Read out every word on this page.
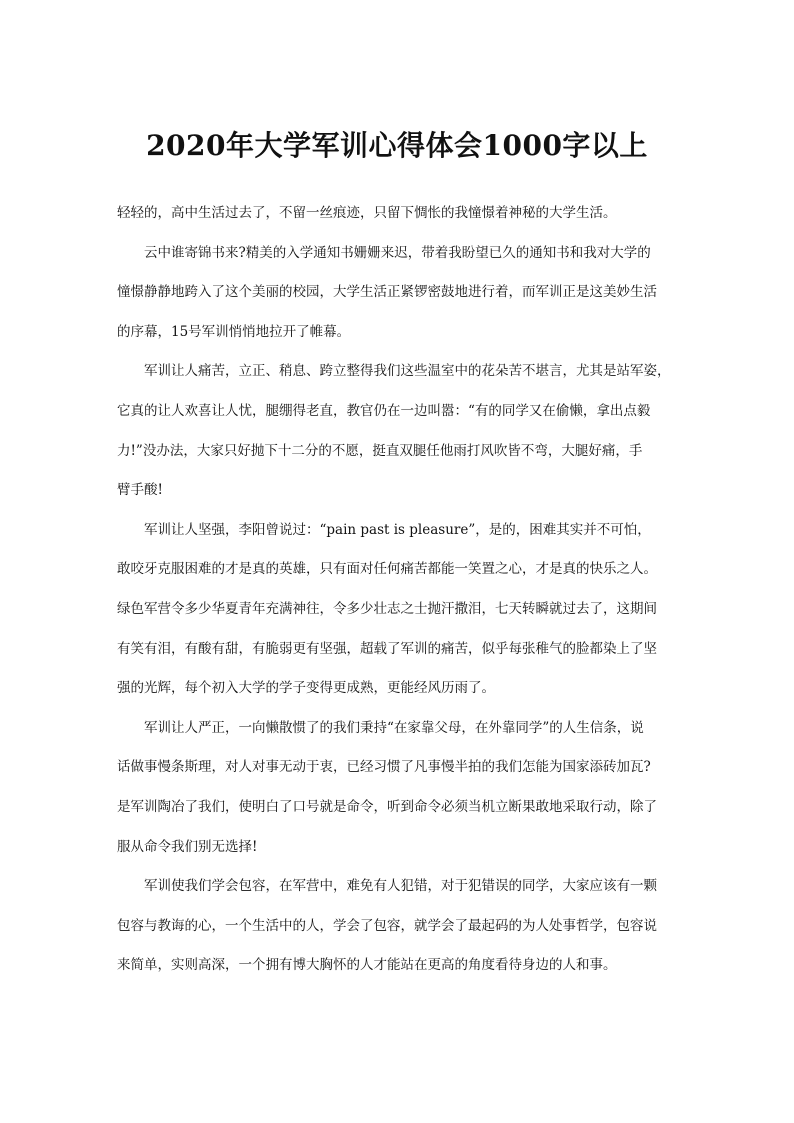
2020年大学军训心得体会1000字以上
轻轻的，高中生活过去了，不留一丝痕迹，只留下惆怅的我憧憬着神秘的大学生活。
云中谁寄锦书来?精美的入学通知书姗姗来迟，带着我盼望已久的通知书和我对大学的
憧憬静静地跨入了这个美丽的校园，大学生活正紧锣密鼓地进行着，而军训正是这美妙生活
的序幕，15号军训悄悄地拉开了帷幕。
军训让人痛苦，立正、稍息、跨立整得我们这些温室中的花朵苦不堪言，尤其是站军姿，
它真的让人欢喜让人忧，腿绷得老直，教官仍在一边叫嚣：“有的同学又在偷懒，拿出点毅
力!”没办法，大家只好抛下十二分的不愿，挺直双腿任他雨打风吹皆不弯，大腿好痛，手
臂手酸!
军训让人坚强，李阳曾说过：“pain past is pleasure”，是的，困难其实并不可怕，
敢咬牙克服困难的才是真的英雄，只有面对任何痛苦都能一笑置之心，才是真的快乐之人。
绿色军营令多少华夏青年充满神往，令多少壮志之士抛汗撒泪，七天转瞬就过去了，这期间
有笑有泪，有酸有甜，有脆弱更有坚强，超载了军训的痛苦，似乎每张稚气的脸都染上了坚
强的光辉，每个初入大学的学子变得更成熟，更能经风历雨了。
军训让人严正，一向懒散惯了的我们秉持“在家靠父母，在外靠同学”的人生信条，说
话做事慢条斯理，对人对事无动于衷，已经习惯了凡事慢半拍的我们怎能为国家添砖加瓦?
是军训陶冶了我们，使明白了口号就是命令，听到命令必须当机立断果敢地采取行动，除了
服从命令我们别无选择!
军训使我们学会包容，在军营中，难免有人犯错，对于犯错误的同学，大家应该有一颗
包容与教诲的心，一个生活中的人，学会了包容，就学会了最起码的为人处事哲学，包容说
来简单，实则高深，一个拥有博大胸怀的人才能站在更高的角度看待身边的人和事。
